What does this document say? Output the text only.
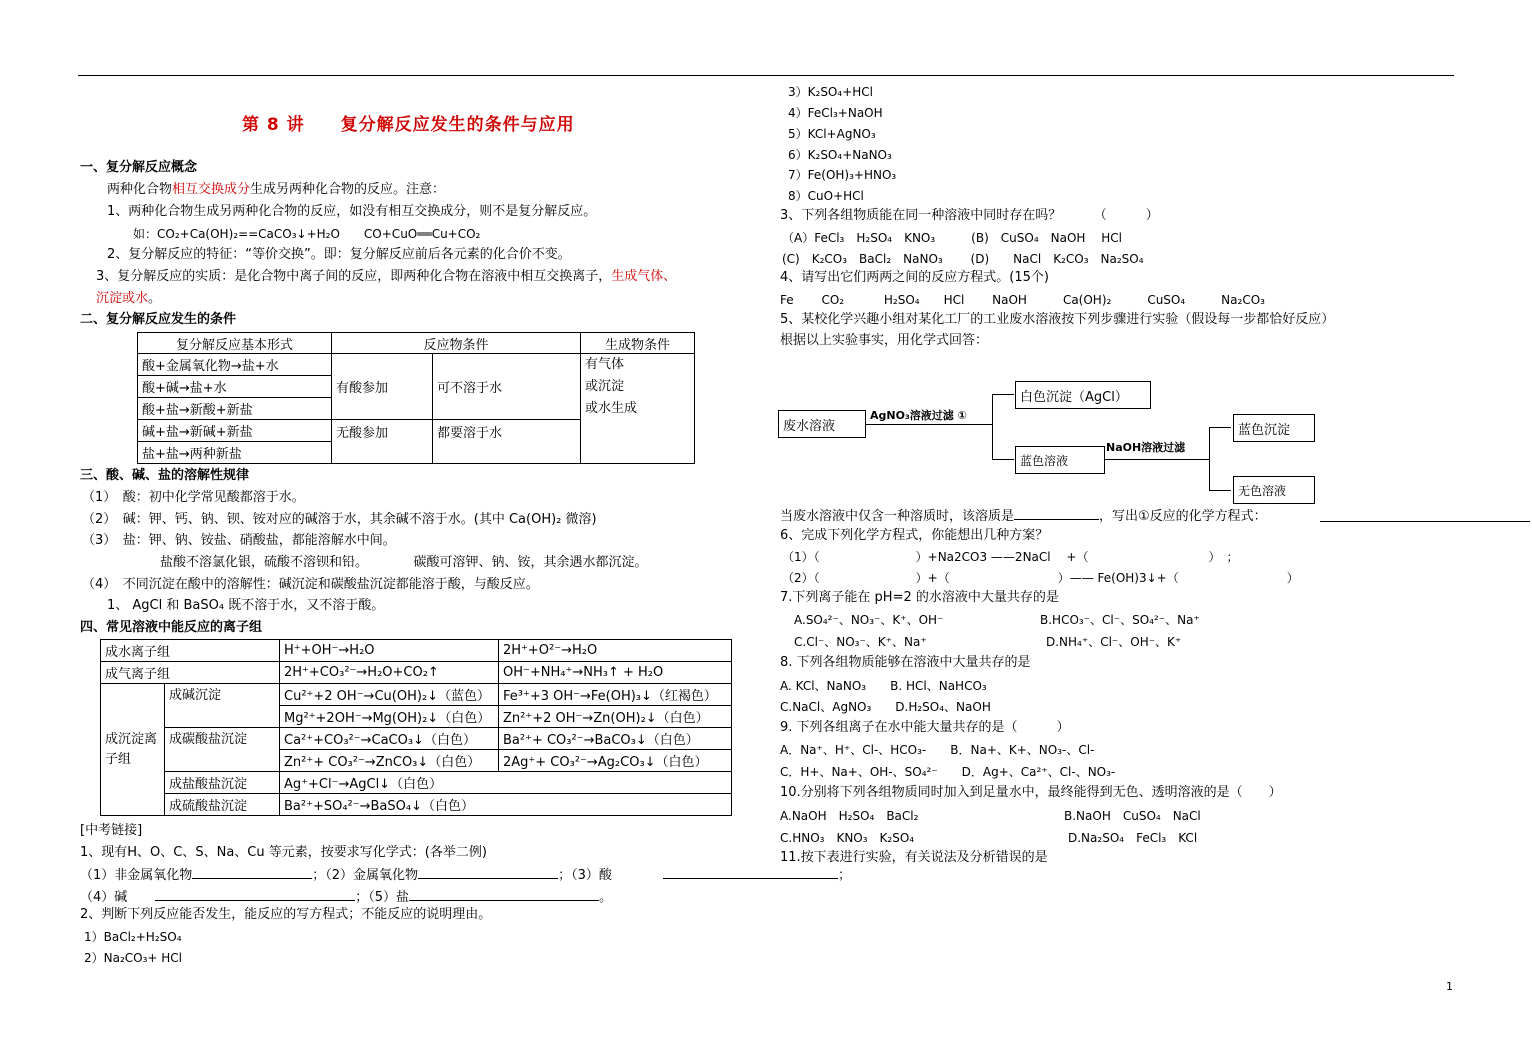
第 8 讲　　复分解反应发生的条件与应用
一、复分解反应概念
两种化合物相互交换成分生成另两种化合物的反应。注意：
1、两种化合物生成另两种化合物的反应，如没有相互交换成分，则不是复分解反应。
如：CO₂+Ca(OH)₂==CaCO₃↓+H₂O　　CO+CuO══Cu+CO₂
2、复分解反应的特征：“等价交换”。即：复分解反应前后各元素的化合价不变。
3、复分解反应的实质：是化合物中离子间的反应，即两种化合物在溶液中相互交换离子，生成气体、
沉淀或水。
二、复分解反应发生的条件
复分解反应基本形式	反应物条件		生成物条件
酸+金属氧化物→盐+水	有酸参加	可不溶于水	有气体
或沉淀
或水生成

酸+碱→盐+水			
酸+盐→新酸+新盐			
碱+盐→新碱+新盐	无酸参加	都要溶于水	
盐+盐→两种新盐			
三、酸、碱、盐的溶解性规律
（1）　酸：初中化学常见酸都溶于水。
（2）　碱：钾、钙、钠、钡、铵对应的碱溶于水，其余碱不溶于水。(其中 Ca(OH)₂ 微溶)
（3）　盐：钾、钠、铵盐、硝酸盐，都能溶解水中间。
盐酸不溶氯化银，硫酸不溶钡和铅。　　　　碳酸可溶钾、钠、铵，其余遇水都沉淀。
（4）　不同沉淀在酸中的溶解性：碱沉淀和碳酸盐沉淀都能溶于酸，与酸反应。
1、 AgCl 和 BaSO₄ 既不溶于水，又不溶于酸。
四、常见溶液中能反应的离子组
成水离子组		H⁺+OH⁻→H₂O	2H⁺+O²⁻→H₂O
成气离子组		2H⁺+CO₃²⁻→H₂O+CO₂↑	OH⁻+NH₄⁺→NH₃↑ + H₂O
成沉淀离子组	成碱沉淀	Cu²⁺+2 OH⁻→Cu(OH)₂↓（蓝色）	Fe³⁺+3 OH⁻→Fe(OH)₃↓（红褐色）
		Mg²⁺+2OH⁻→Mg(OH)₂↓（白色）	Zn²⁺+2 OH⁻→Zn(OH)₂↓（白色）
	成碳酸盐沉淀	Ca²⁺+CO₃²⁻→CaCO₃↓（白色）	Ba²⁺+ CO₃²⁻→BaCO₃↓（白色）
		Zn²⁺+ CO₃²⁻→ZnCO₃↓（白色）	2Ag⁺+ CO₃²⁻→Ag₂CO₃↓（白色）
	成盐酸盐沉淀	Ag⁺+Cl⁻→AgCl↓（白色）	
	成硫酸盐沉淀	Ba²⁺+SO₄²⁻→BaSO₄↓（白色）	
[中考链接]
1、现有H、O、C、S、Na、Cu 等元素，按要求写化学式：(各举二例)
（1）非金属氧化物	；（2）金属氧化物	；（3）酸	；
（4）碱	；（5）盐	。
2、判断下列反应能否发生，能反应的写方程式；不能反应的说明理由。
1）BaCl₂+H₂SO₄
2）Na₂CO₃+ HCl
3）K₂SO₄+HCl
4）FeCl₃+NaOH
5）KCl+AgNO₃
6）K₂SO₄+NaNO₃
7）Fe(OH)₃+HNO₃
8）CuO+HCl
3、下列各组物质能在同一种溶液中同时存在吗？　　　（　　　）
（A）FeCl₃　H₂SO₄　KNO₃　　　(B)　CuSO₄　NaOH　 HCl
(C)　K₂CO₃　BaCl₂　NaNO₃　　 (D)　　NaCl　K₂CO₃　Na₂SO₄
4、请写出它们两两之间的反应方程式。(15个)
Fe　　 CO₂　　　 H₂SO₄　　HCl　　 NaOH　　　Ca(OH)₂　　　CuSO₄　　　Na₂CO₃
5、某校化学兴趣小组对某化工厂的工业废水溶液按下列步骤进行实验（假设每一步都恰好反应）
根据以上实验事实，用化学式回答：
废水溶液
AgNO₃溶液过滤 ①
白色沉淀（AgCl）
蓝色溶液
NaOH溶液过滤
蓝色沉淀
无色溶液
当废水溶液中仅含一种溶质时，该溶质是	，写出①反应的化学方程式：
6、完成下列化学方程式，你能想出几种方案？
（1）（　　　　　　　　）+Na2CO3 ——2NaCl　 +（　　　　　　　　　　）　；
（2）（　　　　　　　　）+（　　　　　　　　　）—— Fe(OH)3↓+（　　　　　　　　　）
7.下列离子能在 pH=2 的水溶液中大量共存的是
A.SO₄²⁻、NO₃⁻、K⁺、OH⁻	B.HCO₃⁻、Cl⁻、SO₄²⁻、Na⁺
C.Cl⁻、NO₃⁻、K⁺、Na⁺	D.NH₄⁺、Cl⁻、OH⁻、K⁺
8. 下列各组物质能够在溶液中大量共存的是
A. KCl、NaNO₃　　B. HCl、NaHCO₃
C.NaCl、AgNO₃　　D.H₂SO₄、NaOH
9. 下列各组离子在水中能大量共存的是（　　　）
A．Na⁺、H⁺、Cl-、HCO₃-　　B．Na+、K+、NO₃-、Cl-
C．H+、Na+、OH-、SO₄²⁻　　D．Ag+、Ca²⁺、Cl-、NO₃-
10.分别将下列各组物质同时加入到足量水中，最终能得到无色、透明溶液的是（　　）
A.NaOH　H₂SO₄　BaCl₂	B.NaOH　CuSO₄　NaCl
C.HNO₃　KNO₃　K₂SO₄	D.Na₂SO₄　FeCl₃　KCl
11.按下表进行实验，有关说法及分析错误的是
1
